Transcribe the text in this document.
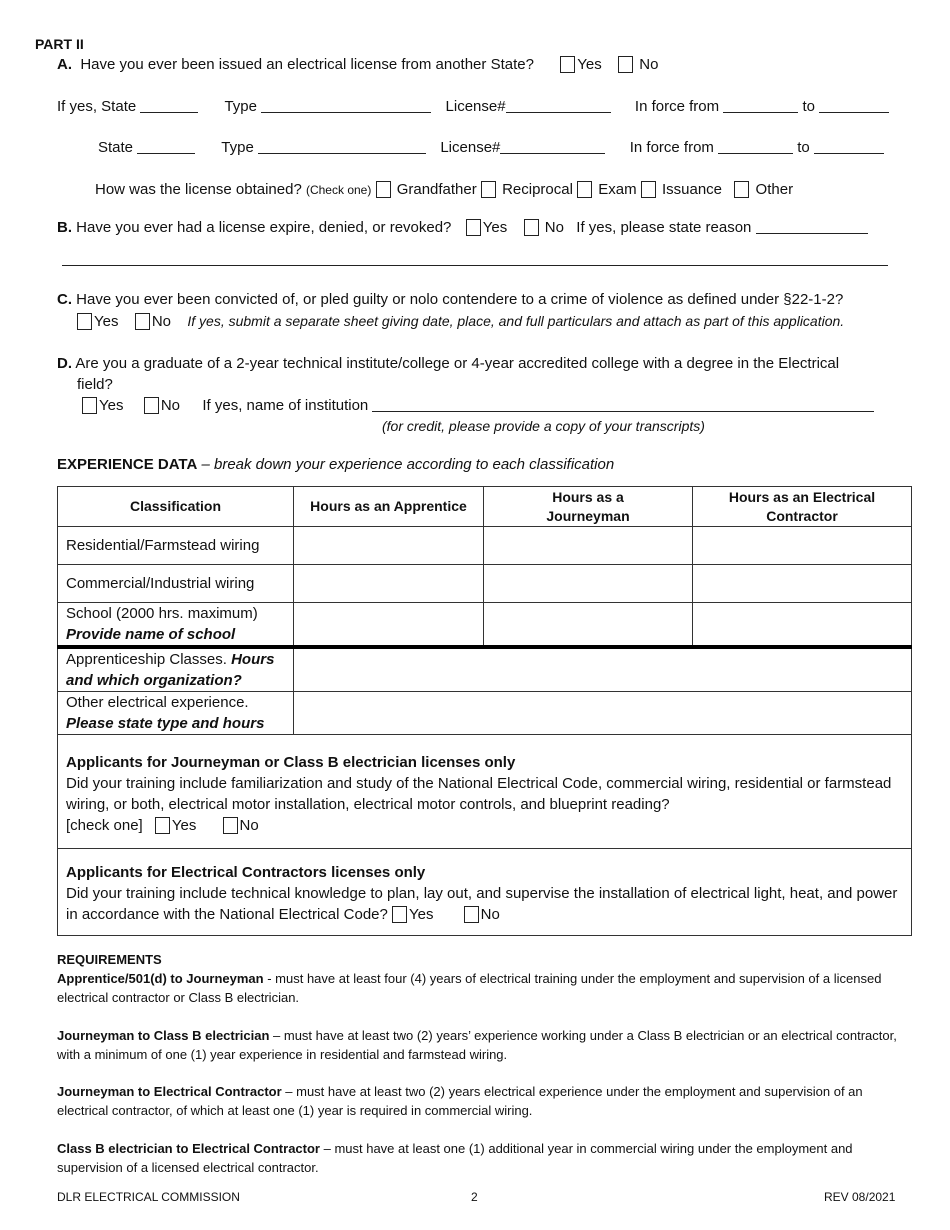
PART II
A. Have you ever been issued an electrical license from another State?	Yes	No
If yes, State	Type	License#	In force from	to
State	Type	License#	In force from	to
How was the license obtained? (Check one) Grandfather Reciprocal Exam Issuance Other
B. Have you ever had a license expire, denied, or revoked? Yes	No If yes, please state reason
C. Have you ever been convicted of, or pled guilty or nolo contendere to a crime of violence as defined under §22-1-2?
Yes No If yes, submit a separate sheet giving date, place, and full particulars and attach as part of this application.
D. Are you a graduate of a 2-year technical institute/college or 4-year accredited college with a degree in the Electrical
field?
Yes No If yes, name of institution
(for credit, please provide a copy of your transcripts)
EXPERIENCE DATA – break down your experience according to each classification
Classification	Hours as an Apprentice	Hours as a Journeyman	Hours as an Electrical Contractor

Residential/Farmstead wiring			
Commercial/Industrial wiring			

School (2000 hrs. maximum)
Provide name of school			

Apprenticeship Classes. Hours
and which organization?			

Other electrical experience.
Please state type and hours			

Applicants for Journeyman or Class B electrician licenses only
Did your training include familiarization and study of the National Electrical Code, commercial wiring, residential or farmstead wiring, or both, electrical motor installation, electrical motor controls, and blueprint reading?
[check one] Yes No			

Applicants for Electrical Contractors licenses only
Did your training include technical knowledge to plan, lay out, and supervise the installation of electrical light, heat, and power in accordance with the National Electrical Code? Yes No			
REQUIREMENTS
Apprentice/501(d) to Journeyman - must have at least four (4) years of electrical training under the employment and supervision of a licensed electrical contractor or Class B electrician.
Journeyman to Class B electrician – must have at least two (2) years’ experience working under a Class B electrician or an electrical contractor, with a minimum of one (1) year experience in residential and farmstead wiring.
Journeyman to Electrical Contractor – must have at least two (2) years electrical experience under the employment and supervision of an electrical contractor, of which at least one (1) year is required in commercial wiring.
Class B electrician to Electrical Contractor – must have at least one (1) additional year in commercial wiring under the employment and supervision of a licensed electrical contractor.
DLR ELECTRICAL COMMISSION	2	REV 08/2021
